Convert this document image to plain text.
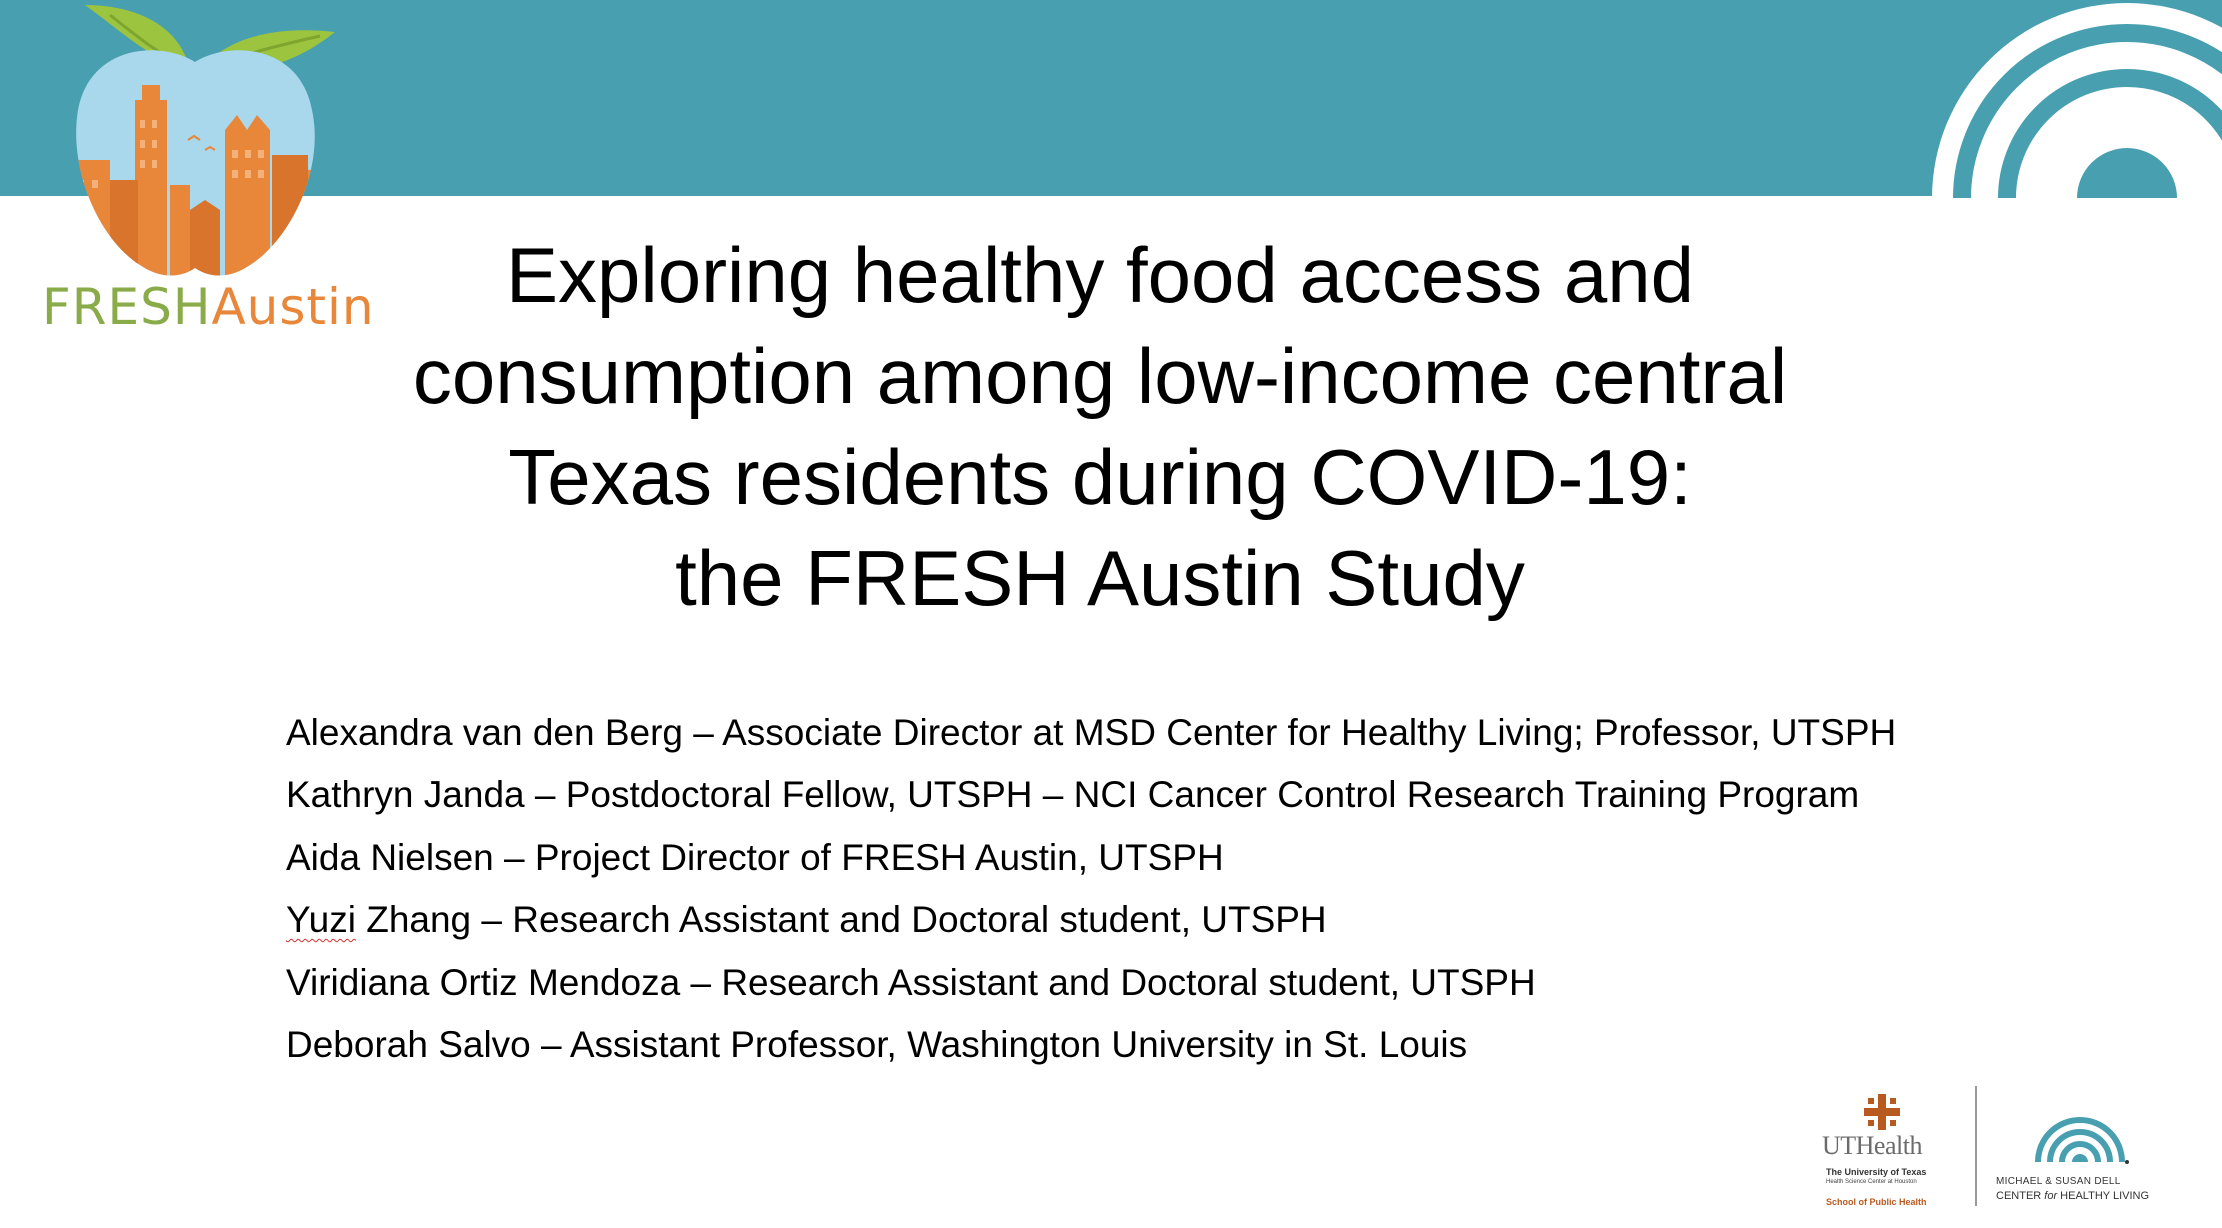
FRESHAustin	Exploring healthy food access and
consumption among low-income central
Texas residents during COVID-19:
the FRESH Austin Study
Alexandra van den Berg – Associate Director at MSD Center for Healthy Living; Professor, UTSPH
Kathryn Janda – Postdoctoral Fellow, UTSPH – NCI Cancer Control Research Training Program
Aida Nielsen – Project Director of FRESH Austin, UTSPH
Yuzi Zhang – Research Assistant and Doctoral student, UTSPH
Viridiana Ortiz Mendoza – Research Assistant and Doctoral student, UTSPH
Deborah Salvo – Assistant Professor, Washington University in St. Louis
UTHealth
The University of Texas
Health Science Center at Houston
School of Public Health
MICHAEL & SUSAN DELL
CENTER for HEALTHY LIVING
